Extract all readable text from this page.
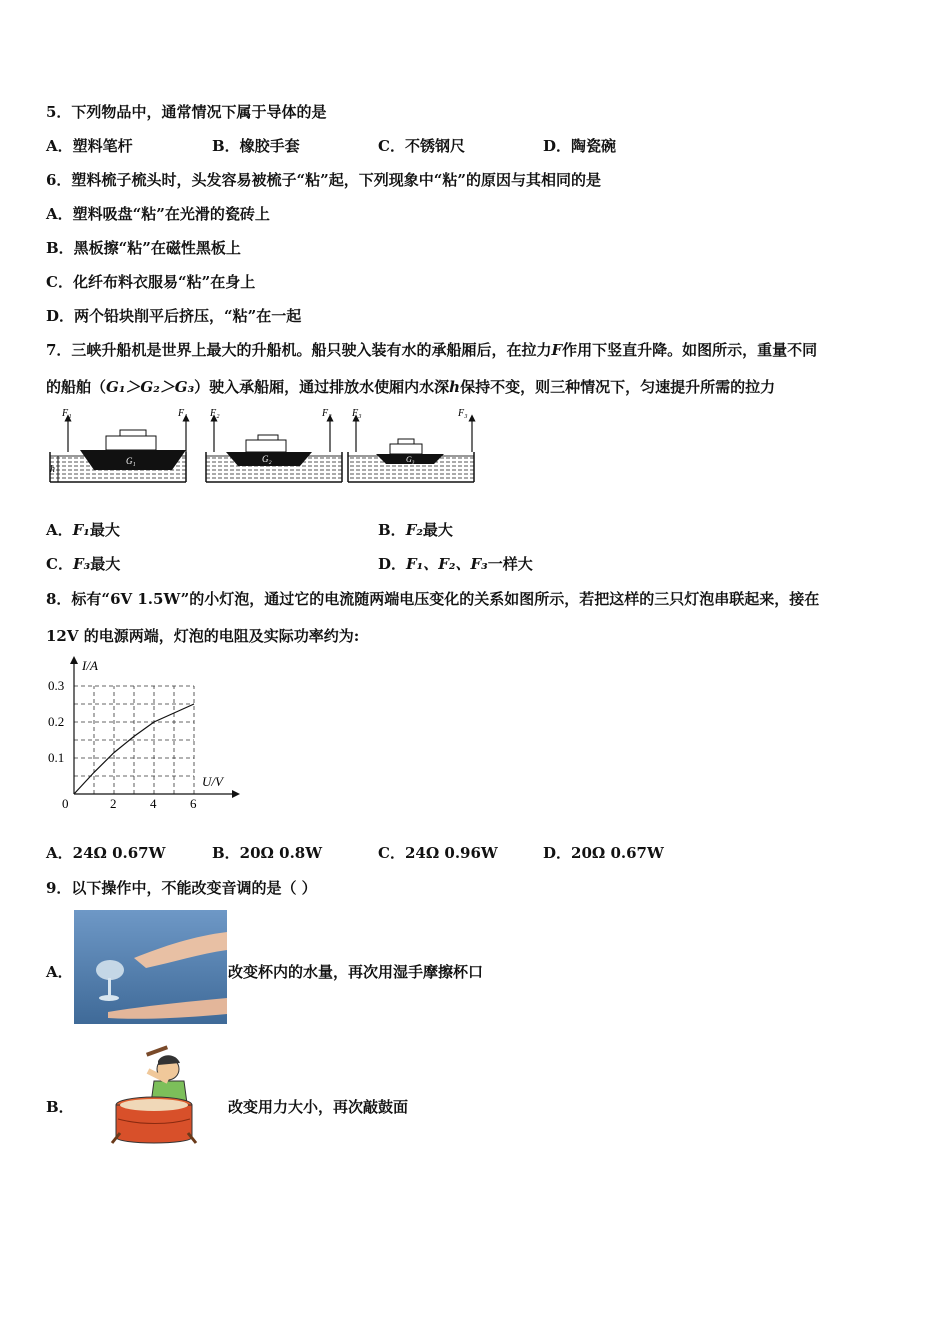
5．下列物品中，通常情况下属于导体的是
A．塑料笔杆	B．橡胶手套	C．不锈钢尺	D．陶瓷碗
6．塑料梳子梳头时，头发容易被梳子“粘”起，下列现象中“粘”的原因与其相同的是
A．塑料吸盘“粘”在光滑的瓷砖上
B．黑板擦“粘”在磁性黑板上
C．化纤布料衣服易“粘”在身上
D．两个铅块削平后挤压，“粘”在一起
7．三峡升船机是世界上最大的升船机。船只驶入装有水的承船厢后，在拉力F作用下竖直升降。如图所示，重量不同
的船舶（G₁＞G₂＞G₃）驶入承船厢，通过排放水使厢内水深h保持不变，则三种情况下，匀速提升所需的拉力
F₁	F₁
G₁
h
F₂	F₂
G₂
F₃	F₃
G₃
A．F₁最大	B．F₂最大
C．F₃最大	D．F₁、F₂、F₃一样大
8．标有“6V 1.5W”的小灯泡，通过它的电流随两端电压变化的关系如图所示，若把这样的三只灯泡串联起来，接在
12V 的电源两端，灯泡的电阻及实际功率约为:
I/A
U/V
0	2	4	6
0.1
0.2
0.3
A．24Ω 0.67W	B．20Ω 0.8W	C．24Ω 0.96W	D．20Ω 0.67W
9．以下操作中，不能改变音调的是（ ）
A．	改变杯内的水量，再次用湿手摩擦杯口
B．	改变用力大小，再次敲鼓面
